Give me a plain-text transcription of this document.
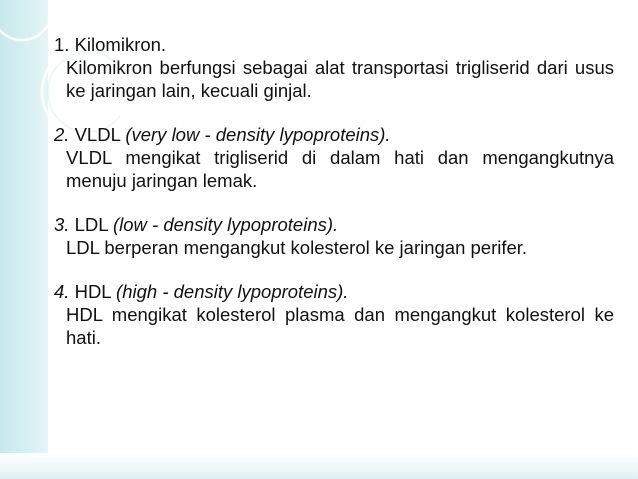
1. Kilomikron.
Kilomikron berfungsi sebagai alat transportasi trigliserid dari usus ke jaringan lain, kecuali ginjal.
2. VLDL (very low - density lypoproteins).
VLDL mengikat trigliserid di dalam hati dan mengangkutnya menuju jaringan lemak.
3. LDL (low - density lypoproteins).
LDL berperan mengangkut kolesterol ke jaringan perifer.
4. HDL (high - density lypoproteins).
HDL mengikat kolesterol plasma dan mengangkut kolesterol ke hati.
